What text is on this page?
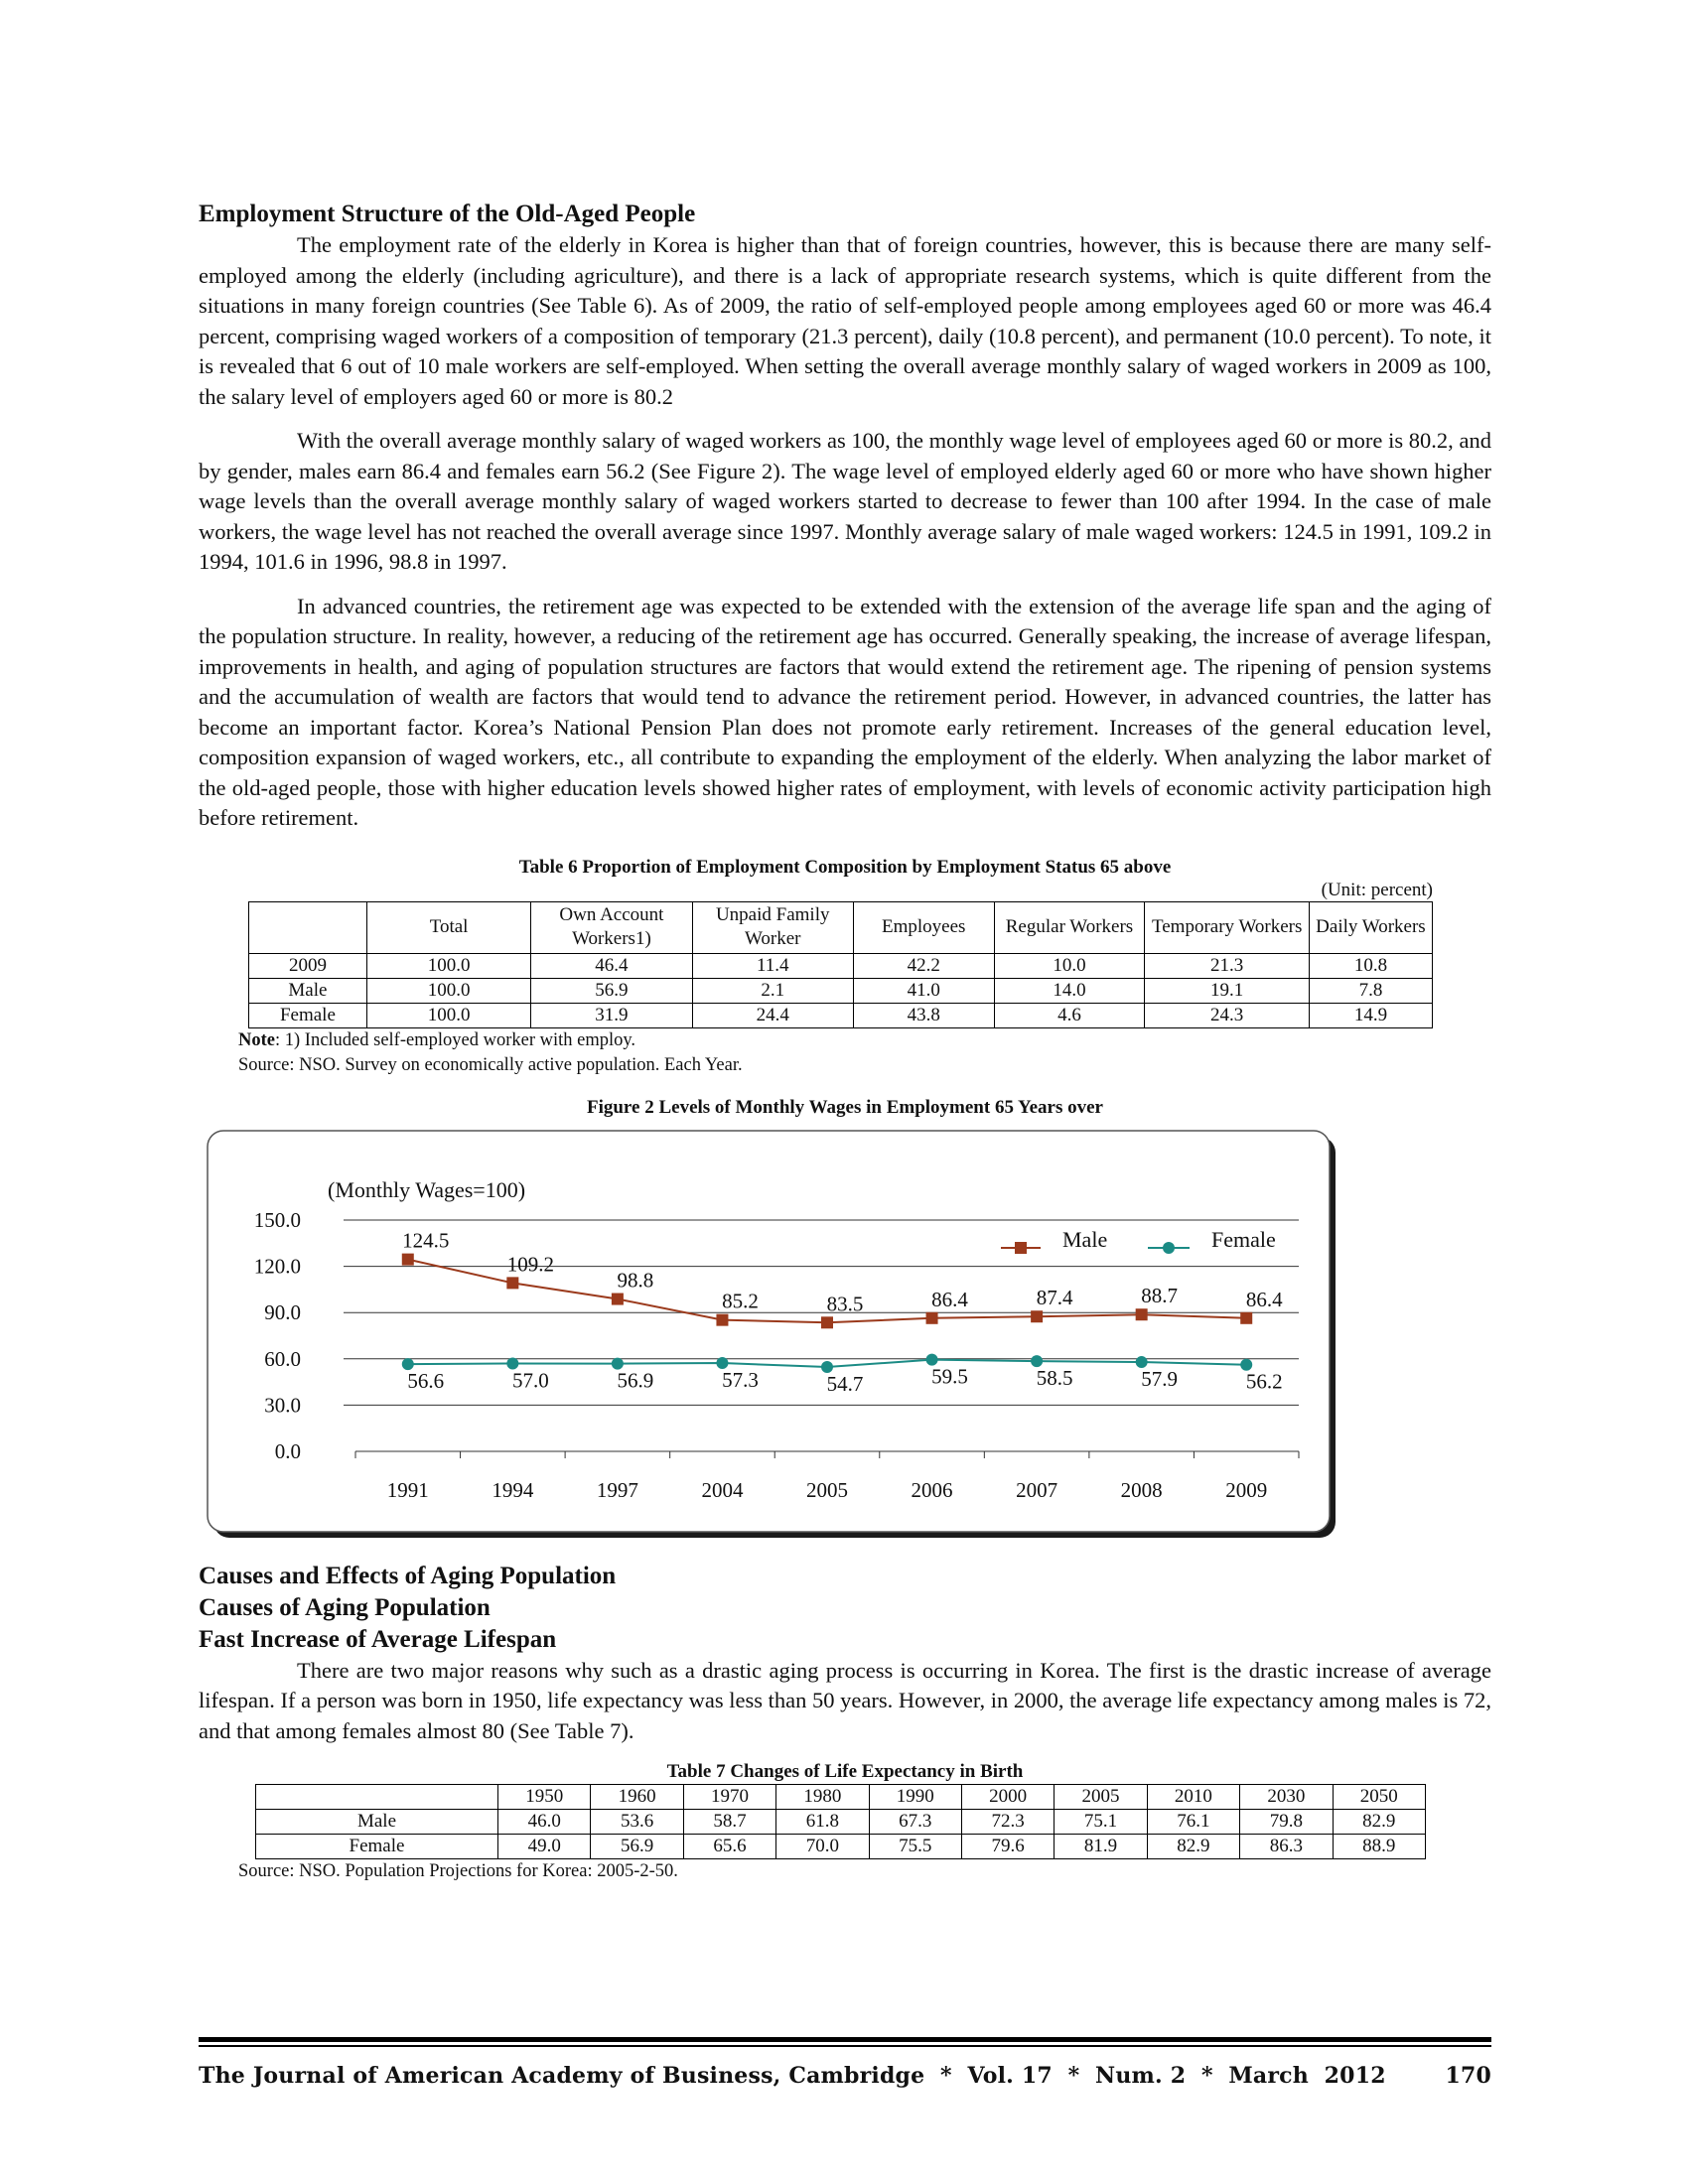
Employment Structure of the Old-Aged People

The employment rate of the elderly in Korea is higher than that of foreign countries, however, this is because there are many self-employed among the elderly (including agriculture), and there is a lack of appropriate research systems, which is quite different from the situations in many foreign countries (See Table 6). As of 2009, the ratio of self-employed people among employees aged 60 or more was 46.4 percent, comprising waged workers of a composition of temporary (21.3 percent), daily (10.8 percent), and permanent (10.0 percent). To note, it is revealed that 6 out of 10 male workers are self-employed. When setting the overall average monthly salary of waged workers in 2009 as 100, the salary level of employers aged 60 or more is 80.2

With the overall average monthly salary of waged workers as 100, the monthly wage level of employees aged 60 or more is 80.2, and by gender, males earn 86.4 and females earn 56.2 (See Figure 2). The wage level of employed elderly aged 60 or more who have shown higher wage levels than the overall average monthly salary of waged workers started to decrease to fewer than 100 after 1994. In the case of male workers, the wage level has not reached the overall average since 1997. Monthly average salary of male waged workers: 124.5 in 1991, 109.2 in 1994, 101.6 in 1996, 98.8 in 1997.

In advanced countries, the retirement age was expected to be extended with the extension of the average life span and the aging of the population structure. In reality, however, a reducing of the retirement age has occurred. Generally speaking, the increase of average lifespan, improvements in health, and aging of population structures are factors that would extend the retirement age. The ripening of pension systems and the accumulation of wealth are factors that would tend to advance the retirement period. However, in advanced countries, the latter has become an important factor. Korea’s National Pension Plan does not promote early retirement. Increases of the general education level, composition expansion of waged workers, etc., all contribute to expanding the employment of the elderly. When analyzing the labor market of the old-aged people, those with higher education levels showed higher rates of employment, with levels of economic activity participation high before retirement.

Table 6 Proportion of Employment Composition by Employment Status 65 above

(Unit: percent)

	Total	Own Account Workers1)	Unpaid Family Worker	Employees	Regular Workers	Temporary Workers	Daily Workers
2009	100.0	46.4	11.4	42.2	10.0	21.3	10.8
Male	100.0	56.9	2.1	41.0	14.0	19.1	7.8
Female	100.0	31.9	24.4	43.8	4.6	24.3	14.9

Note: 1) Included self-employed worker with employ.

Source: NSO. Survey on economically active population. Each Year.

Figure 2 Levels of Monthly Wages in Employment 65 Years over

(Monthly Wages=100)
0.0
30.0
60.0
90.0
120.0
150.0
1991	1994	1997	2004	2005	2006	2007	2008	2009
124.5
109.2
98.8
85.2	83.5	86.4	87.4	88.7	86.4
56.6	57.0	56.9	57.3	54.7	59.5	58.5	57.9	56.2
Male	Female
Causes and Effects of Aging Population
Causes of Aging Population
Fast Increase of Average Lifespan

There are two major reasons why such as a drastic aging process is occurring in Korea. The first is the drastic increase of average lifespan. If a person was born in 1950, life expectancy was less than 50 years. However, in 2000, the average life expectancy among males is 72, and that among females almost 80 (See Table 7).

Table 7 Changes of Life Expectancy in Birth

	1950	1960	1970	1980	1990	2000	2005	2010	2030	2050
Male	46.0	53.6	58.7	61.8	67.3	72.3	75.1	76.1	79.8	82.9
Female	49.0	56.9	65.6	70.0	75.5	79.6	81.9	82.9	86.3	88.9

Source: NSO. Population Projections for Korea: 2005-2-50.

The Journal of American Academy of Business, Cambridge  *  Vol. 17  *  Num. 2  *  March  2012	170
